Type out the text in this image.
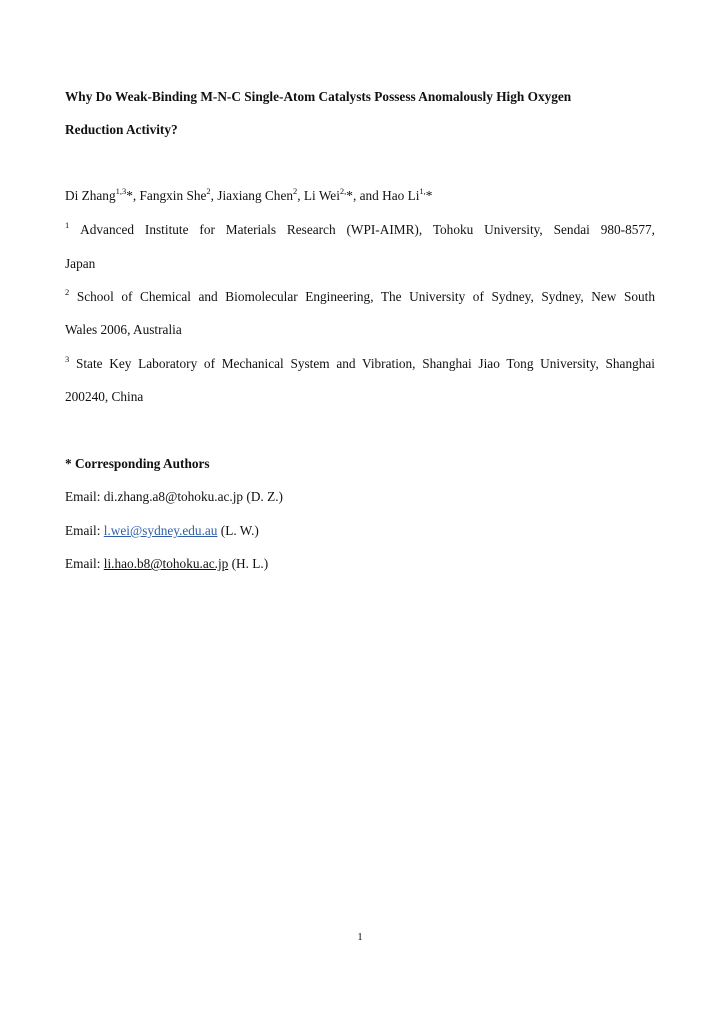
Why Do Weak-Binding M-N-C Single-Atom Catalysts Possess Anomalously High Oxygen
Reduction Activity?
Di Zhang$^{1,3}$*, Fangxin She$^2$, Jiaxiang Chen$^2$, Li Wei$^{2,}$*, and Hao $Li^{1,}*$
$^1$ Advanced Institute for Materials Research (WPI-AIMR), Tohoku University, Sendai 980-8577,
Japan
$^2$ School of Chemical and Biomolecular Engineering, The University of Sydney, Sydney, New South
Wales 2006, Australia
$^3$ State Key Laboratory of Mechanical System and Vibration, Shanghai Jiao Tong University, Shanghai
200240, China
* Corresponding Authors
Email: di.zhang.a8@tohoku.ac.jp (D. Z.)
Email: l.wei@sydney.edu.au (L. W.)
Email: li.hao.b8@tohoku.ac.jp (H. L.)
1
